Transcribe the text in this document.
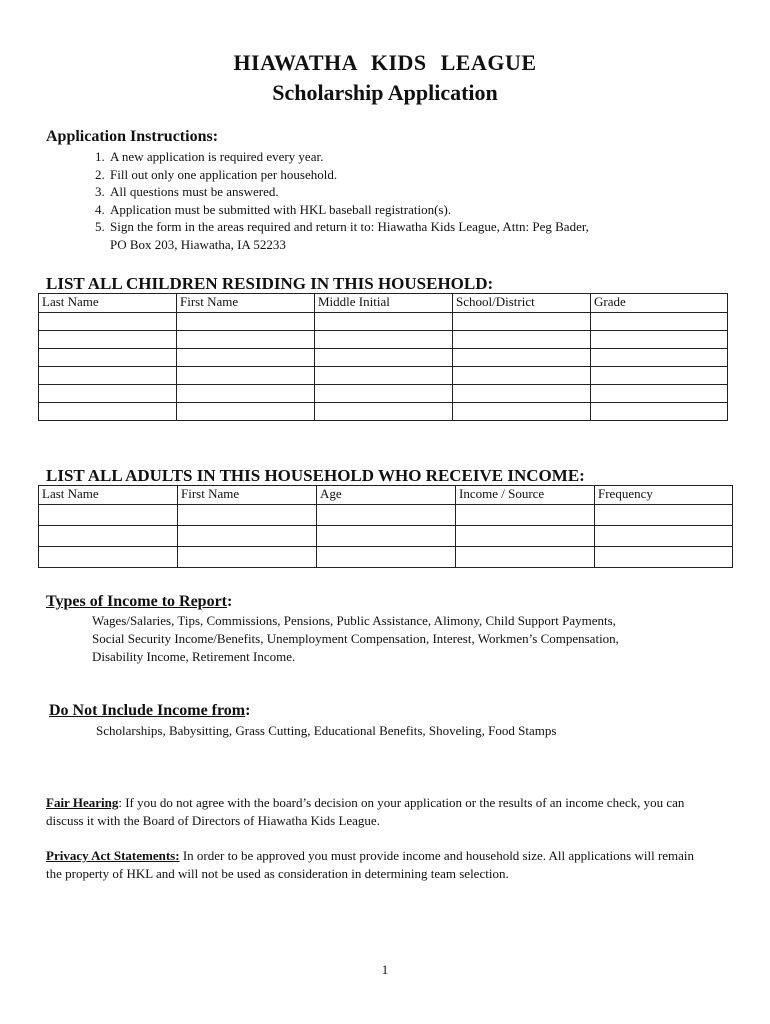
HIAWATHA KIDS LEAGUE
Scholarship Application
Application Instructions:
1. A new application is required every year.
2. Fill out only one application per household.
3. All questions must be answered.
4. Application must be submitted with HKL baseball registration(s).
5. Sign the form in the areas required and return it to: Hiawatha Kids League, Attn: Peg Bader,
PO Box 203, Hiawatha, IA 52233
LIST ALL CHILDREN RESIDING IN THIS HOUSEHOLD:
Last Name	First Name	Middle Initial	School/District	Grade

LIST ALL ADULTS IN THIS HOUSEHOLD WHO RECEIVE INCOME:
Last Name	First Name	Age	Income / Source	Frequency

Types of Income to Report:
Wages/Salaries, Tips, Commissions, Pensions, Public Assistance, Alimony, Child Support Payments,
Social Security Income/Benefits, Unemployment Compensation, Interest, Workmen’s Compensation,
Disability Income, Retirement Income.
Do Not Include Income from:
Scholarships, Babysitting, Grass Cutting, Educational Benefits, Shoveling, Food Stamps
Fair Hearing: If you do not agree with the board’s decision on your application or the results of an income check, you can discuss it with the Board of Directors of Hiawatha Kids League.
Privacy Act Statements: In order to be approved you must provide income and household size. All applications will remain the property of HKL and will not be used as consideration in determining team selection.
1
